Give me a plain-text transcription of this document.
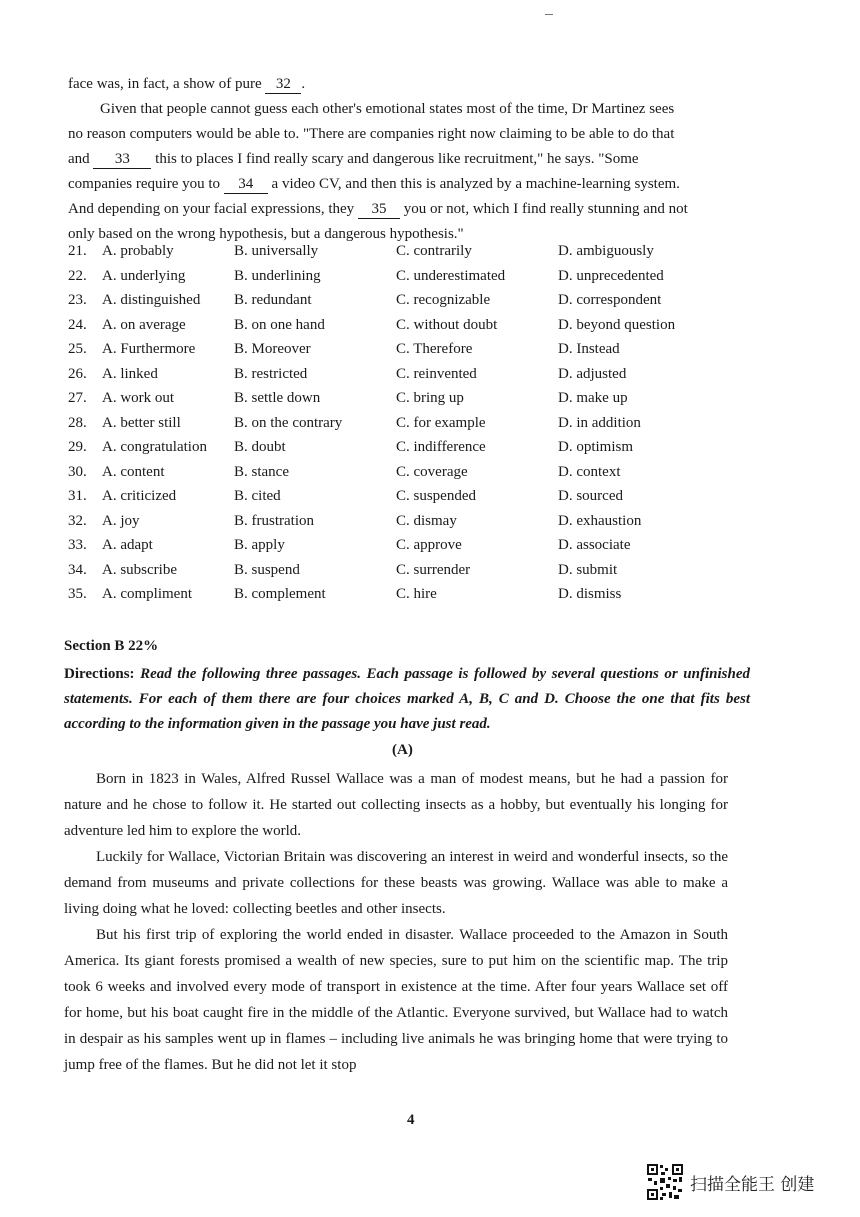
face was, in fact, a show of pure 32 .
Given that people cannot guess each other's emotional states most of the time, Dr Martinez sees
no reason computers would be able to. "There are companies right now claiming to be able to do that
and 33 this to places I find really scary and dangerous like recruitment," he says. "Some
companies require you to 34 a video CV, and then this is analyzed by a machine-learning system.
And depending on your facial expressions, they 35 you or not, which I find really stunning and not
only based on the wrong hypothesis, but a dangerous hypothesis."
21. A. probably	B. universally	C. contrarily	D. ambiguously
22. A. underlying	B. underlining	C. underestimated	D. unprecedented
23. A. distinguished B. redundant	C. recognizable	D. correspondent
24. A. on average	B. on one hand	C. without doubt	D. beyond question
25. A. Furthermore	B. Moreover	C. Therefore	D. Instead
26. A. linked	B. restricted	C. reinvented	D. adjusted
27. A. work out	B. settle down	C. bring up	D. make up
28. A. better still	B. on the contrary	C. for example	D. in addition
29. A. congratulation B. doubt	C. indifference	D. optimism
30. A. content	B. stance	C. coverage	D. context
31. A. criticized	B. cited	C. suspended	D. sourced
32. A. joy	B. frustration	C. dismay	D. exhaustion
33. A. adapt	B. apply	C. approve	D. associate
34. A. subscribe	B. suspend	C. surrender	D. submit
35. A. compliment	B. complement	C. hire	D. dismiss
Section B 22%
Directions: Read the following three passages. Each passage is followed by several questions or unfinished statements. For each of them there are four choices marked A, B, C and D. Choose the one that fits best according to the information given in the passage you have just read.
(A)

Born in 1823 in Wales, Alfred Russel Wallace was a man of modest means, but he had a passion for nature and he chose to follow it. He started out collecting insects as a hobby, but eventually his longing for adventure led him to explore the world.

Luckily for Wallace, Victorian Britain was discovering an interest in weird and wonderful insects, so the demand from museums and private collections for these beasts was growing. Wallace was able to make a living doing what he loved: collecting beetles and other insects.

But his first trip of exploring the world ended in disaster. Wallace proceeded to the Amazon in South America. Its giant forests promised a wealth of new species, sure to put him on the scientific map. The trip took 6 weeks and involved every mode of transport in existence at the time. After four years Wallace set off for home, but his boat caught fire in the middle of the Atlantic. Everyone survived, but Wallace had to watch in despair as his samples went up in flames – including live animals he was bringing home that were trying to jump free of the flames. But he did not let it stop

4
扫描全能王 创建
